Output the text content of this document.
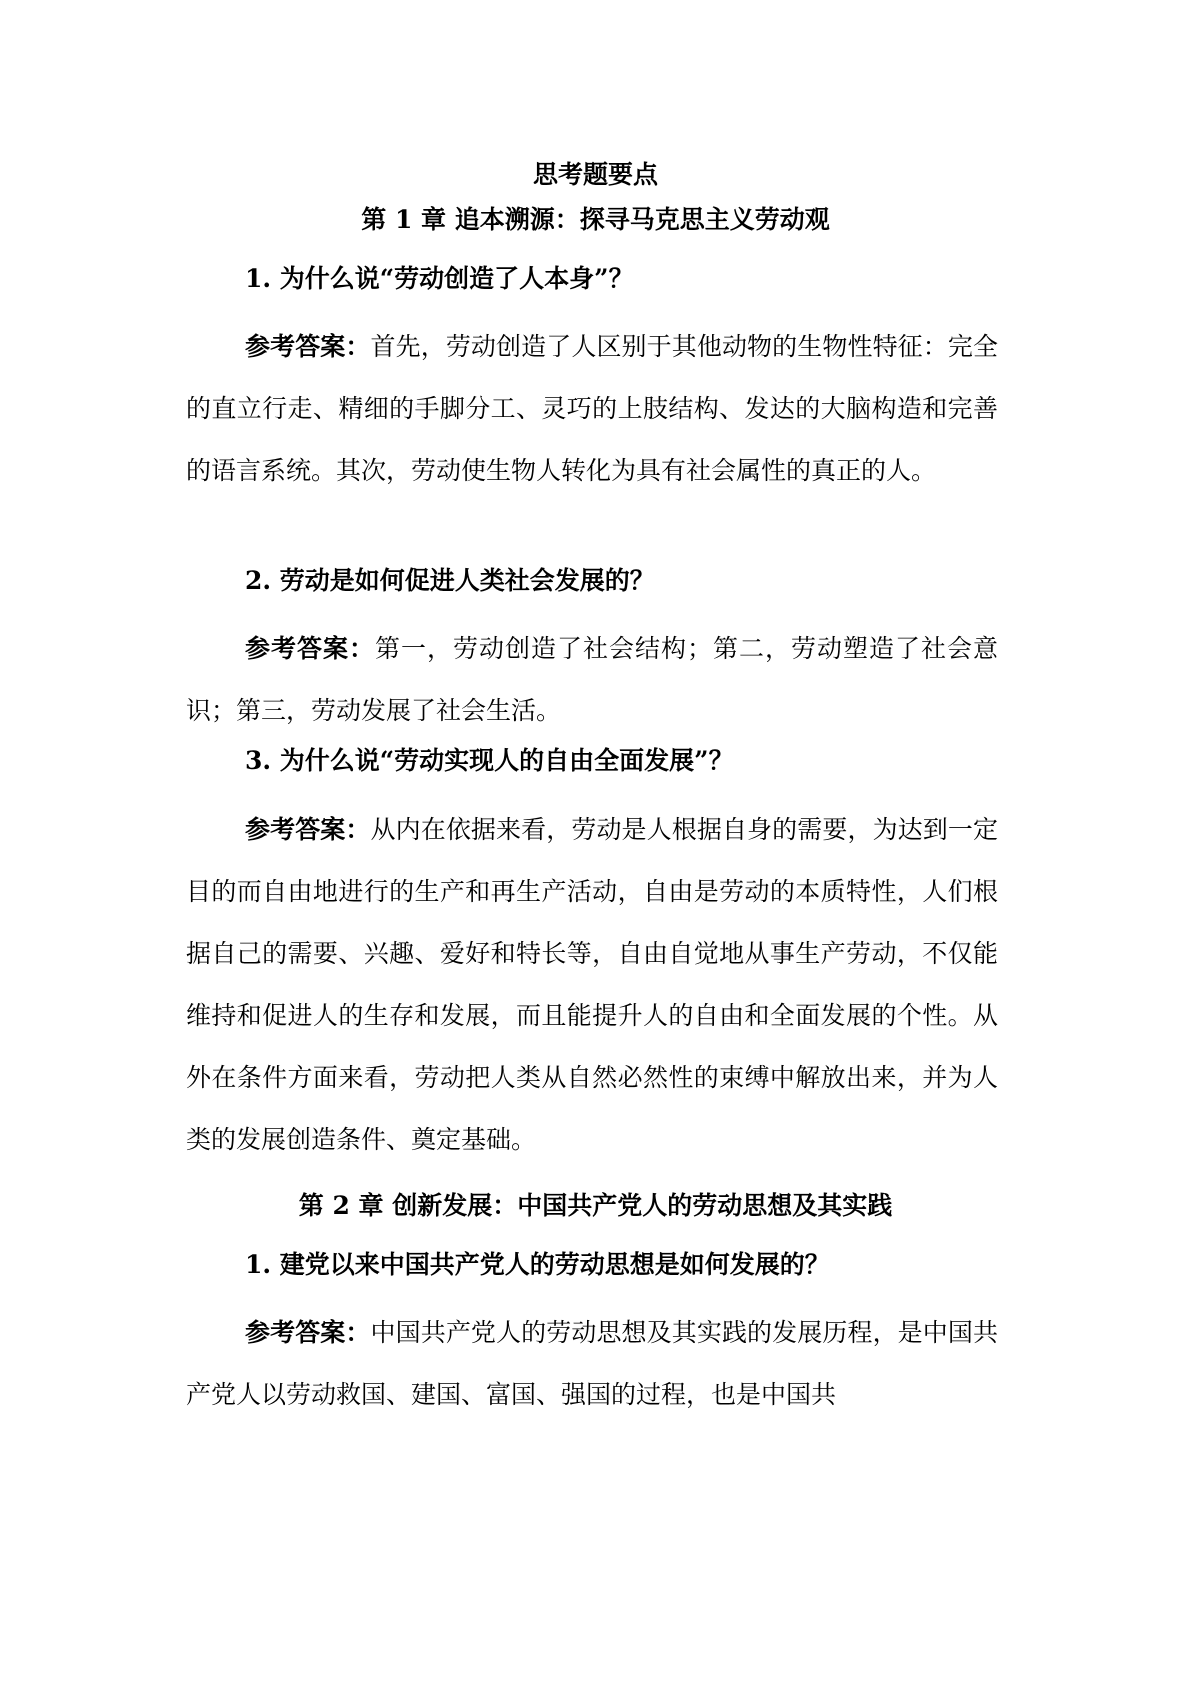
思考题要点
第 1 章 追本溯源：探寻马克思主义劳动观
1. 为什么说“劳动创造了人本身”？
参考答案：首先，劳动创造了人区别于其他动物的生物性特征：完全的直立行走、精细的手脚分工、灵巧的上肢结构、发达的大脑构造和完善的语言系统。其次，劳动使生物人转化为具有社会属性的真正的人。
2. 劳动是如何促进人类社会发展的？
参考答案：第一，劳动创造了社会结构；第二，劳动塑造了社会意识；第三，劳动发展了社会生活。
3. 为什么说“劳动实现人的自由全面发展”？
参考答案：从内在依据来看，劳动是人根据自身的需要，为达到一定目的而自由地进行的生产和再生产活动，自由是劳动的本质特性，人们根据自己的需要、兴趣、爱好和特长等，自由自觉地从事生产劳动，不仅能维持和促进人的生存和发展，而且能提升人的自由和全面发展的个性。从外在条件方面来看，劳动把人类从自然必然性的束缚中解放出来，并为人类的发展创造条件、奠定基础。
第 2 章 创新发展：中国共产党人的劳动思想及其实践
1. 建党以来中国共产党人的劳动思想是如何发展的？
参考答案：中国共产党人的劳动思想及其实践的发展历程，是中国共产党人以劳动救国、建国、富国、强国的过程，也是中国共
